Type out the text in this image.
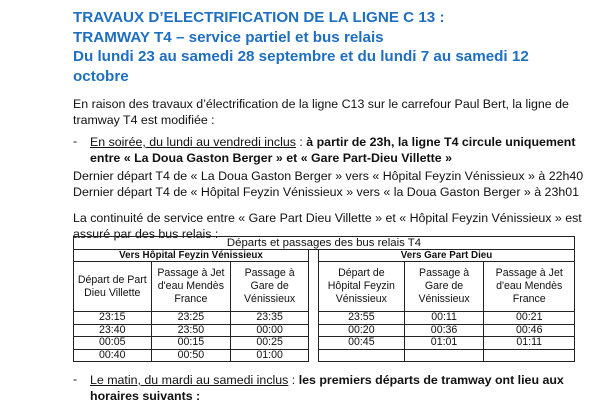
TRAVAUX D’ELECTRIFICATION DE LA LIGNE C 13 :
TRAMWAY T4 – service partiel et bus relais
Du lundi 23 au samedi 28 septembre et du lundi 7 au samedi 12
octobre

En raison des travaux d’électrification de la ligne C13 sur le carrefour Paul Bert, la ligne de tramway T4 est modifiée :

- En soirée, du lundi au vendredi inclus : à partir de 23h, la ligne T4 circule uniquement entre « La Doua Gaston Berger » et « Gare Part-Dieu Villette »
Dernier départ T4 de « La Doua Gaston Berger » vers « Hôpital Feyzin Vénissieux » à 22h40
Dernier départ T4 de « Hôpital Feyzin Vénissieux » vers « la Doua Gaston Berger » à 23h01

La continuité de service entre « Gare Part Dieu Villette » et « Hôpital Feyzin Vénissieux » est assuré par des bus relais :

Départs et passages des bus relais T4
Vers Hôpital Feyzin Vénissieux		
Départ de Part Dieu Villette	Passage à Jet d'eau Mendès France	Passage à Gare de Vénissieux
23:15	23:25	23:35
23:40	23:50	00:00
00:05	00:15	00:25
00:40	00:50	01:00
Vers Gare Part Dieu		
Départ de Hôpital Feyzin Vénissieux	Passage à Gare de Vénissieux	Passage à Jet d'eau Mendès France
23:55	00:11	00:21
00:20	00:36	00:46
00:45	01:01	01:11

- Le matin, du mardi au samedi inclus : les premiers départs de tramway ont lieu aux horaires suivants :
